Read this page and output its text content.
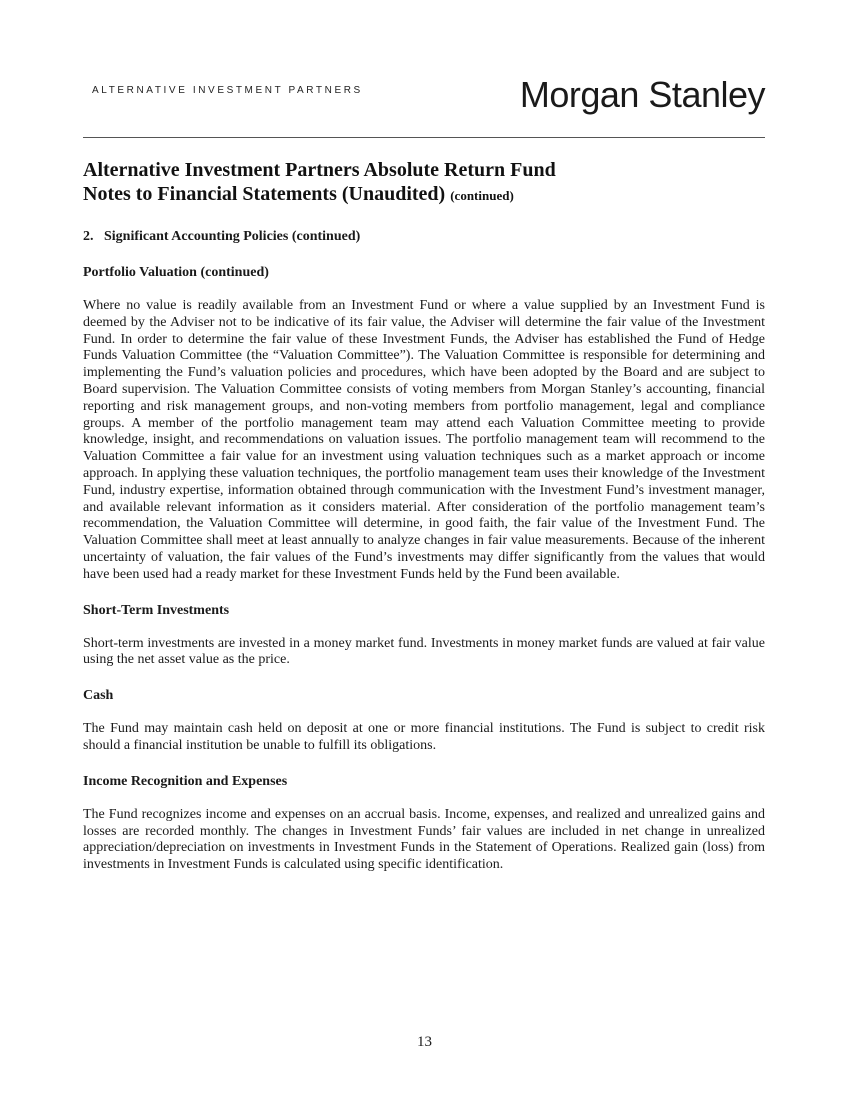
ALTERNATIVE INVESTMENT PARTNERS	Morgan Stanley
Alternative Investment Partners Absolute Return Fund
Notes to Financial Statements (Unaudited) (continued)
2.   Significant Accounting Policies (continued)
Portfolio Valuation (continued)

Where no value is readily available from an Investment Fund or where a value supplied by an Investment Fund is deemed by the Adviser not to be indicative of its fair value, the Adviser will determine the fair value of the Investment Fund. In order to determine the fair value of these Investment Funds, the Adviser has established the Fund of Hedge Funds Valuation Committee (the “Valuation Committee”). The Valuation Committee is responsible for determining and implementing the Fund’s valuation policies and procedures, which have been adopted by the Board and are subject to Board supervision. The Valuation Committee consists of voting members from Morgan Stanley’s accounting, financial reporting and risk management groups, and non-voting members from portfolio management, legal and compliance groups. A member of the portfolio management team may attend each Valuation Committee meeting to provide knowledge, insight, and recommendations on valuation issues. The portfolio management team will recommend to the Valuation Committee a fair value for an investment using valuation techniques such as a market approach or income approach. In applying these valuation techniques, the portfolio management team uses their knowledge of the Investment Fund, industry expertise, information obtained through communication with the Investment Fund’s investment manager, and available relevant information as it considers material. After consideration of the portfolio management team’s recommendation, the Valuation Committee will determine, in good faith, the fair value of the Investment Fund. The Valuation Committee shall meet at least annually to analyze changes in fair value measurements. Because of the inherent uncertainty of valuation, the fair values of the Fund’s investments may differ significantly from the values that would have been used had a ready market for these Investment Funds held by the Fund been available.

Short-Term Investments

Short-term investments are invested in a money market fund. Investments in money market funds are valued at fair value using the net asset value as the price.

Cash

The Fund may maintain cash held on deposit at one or more financial institutions. The Fund is subject to credit risk should a financial institution be unable to fulfill its obligations.

Income Recognition and Expenses

The Fund recognizes income and expenses on an accrual basis. Income, expenses, and realized and unrealized gains and losses are recorded monthly. The changes in Investment Funds’ fair values are included in net change in unrealized appreciation/depreciation on investments in Investment Funds in the Statement of Operations. Realized gain (loss) from investments in Investment Funds is calculated using specific identification.

13
